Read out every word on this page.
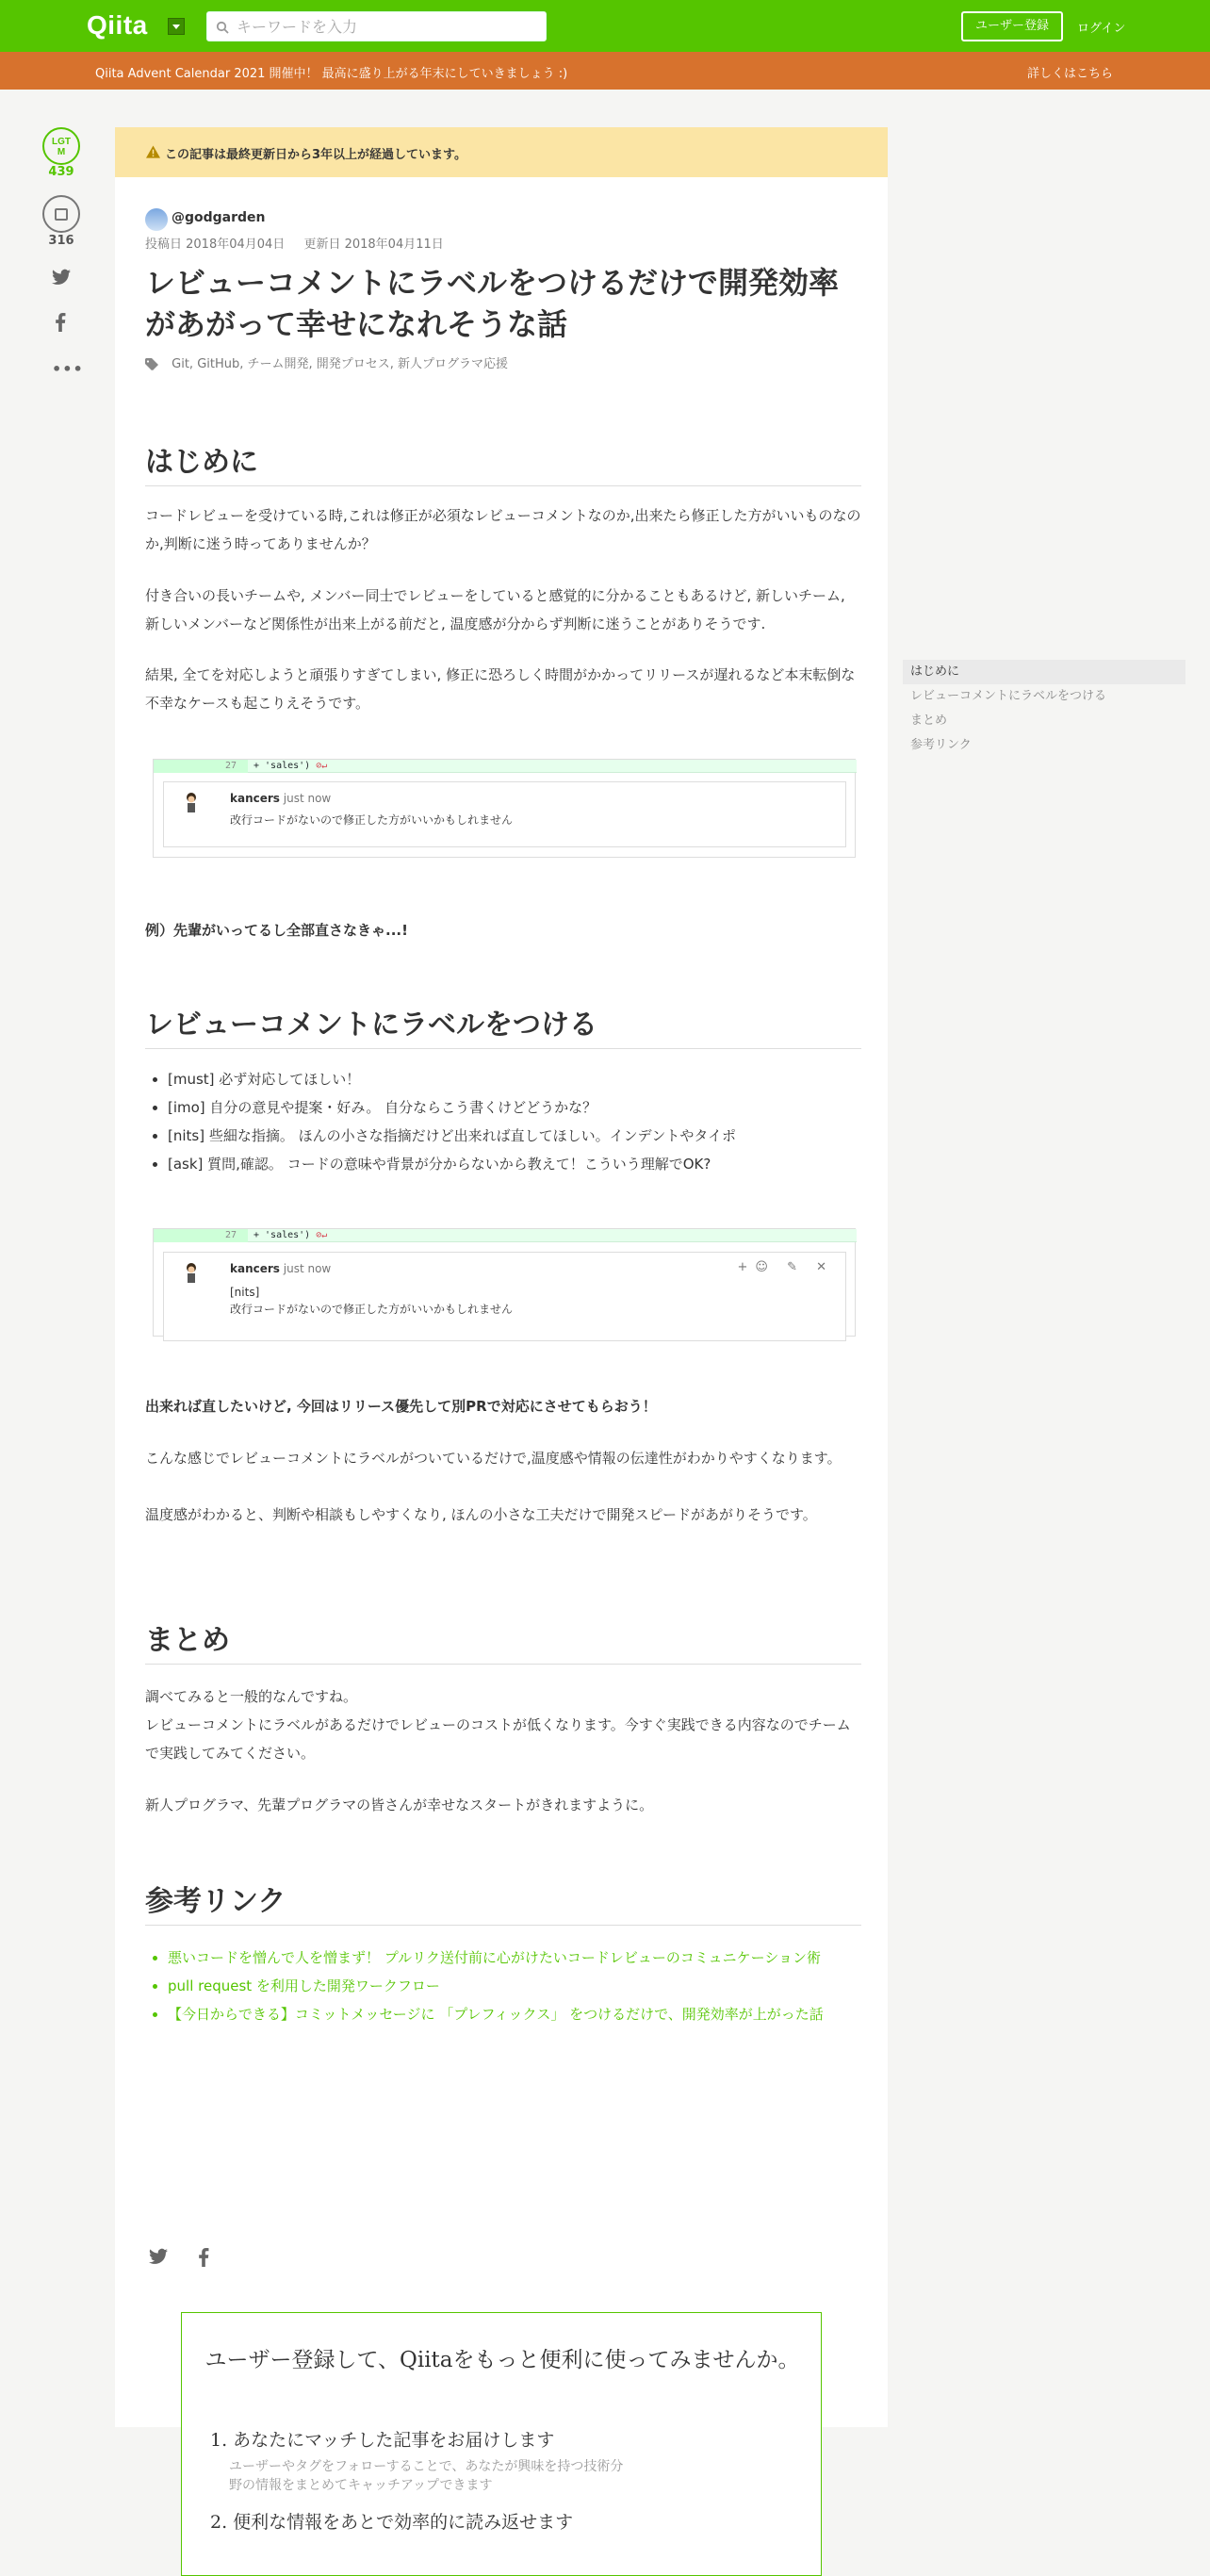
Qiita
キーワードを入力	ユーザー登録	ログイン
Qiita Advent Calendar 2021 開催中！ 最高に盛り上がる年末にしていきましょう :)	詳しくはこちら
LGTM
439
316
•••
この記事は最終更新日から3年以上が経過しています。
@godgarden
投稿日 2018年04月04日 更新日 2018年04月11日
レビューコメントにラベルをつけるだけで開発効率があがって幸せになれそうな話
Git, GitHub, チーム開発, 開発プロセス, 新人プログラマ応援
はじめに
コードレビューを受けている時,これは修正が必須なレビューコメントなのか,出来たら修正した方がいいものなのか,判断に迷う時ってありませんか？
付き合いの長いチームや, メンバー同士でレビューをしていると感覚的に分かることもあるけど, 新しいチーム, 新しいメンバーなど関係性が出来上がる前だと, 温度感が分からず判断に迷うことがありそうです.
結果, 全てを対応しようと頑張りすぎてしまい, 修正に恐ろしく時間がかかってリリースが遅れるなど本末転倒な不幸なケースも起こりえそうです。
27	+ 'sales') ⊘↵
kancers just now
改行コードがないので修正した方がいいかもしれません
例）先輩がいってるし全部直さなきゃ...!
レビューコメントにラベルをつける
• [must] 必ず対応してほしい！
• [imo] 自分の意見や提案・好み。 自分ならこう書くけどどうかな？
• [nits] 些細な指摘。 ほんの小さな指摘だけど出来れば直してほしい。インデントやタイポ
• [ask] 質問,確認。 コードの意味や背景が分からないから教えて！こういう理解でOK?
27	+ 'sales') ⊘↵
kancers just now	+☺ ✎ ✕
[nits]
改行コードがないので修正した方がいいかもしれません
出来れば直したいけど, 今回はリリース優先して別PRで対応にさせてもらおう！
こんな感じでレビューコメントにラベルがついているだけで,温度感や情報の伝達性がわかりやすくなります。
温度感がわかると、判断や相談もしやすくなり, ほんの小さな工夫だけで開発スピードがあがりそうです。
まとめ
調べてみると一般的なんですね。
レビューコメントにラベルがあるだけでレビューのコストが低くなります。今すぐ実践できる内容なのでチームで実践してみてください。
新人プログラマ、先輩プログラマの皆さんが幸せなスタートがきれますように。
参考リンク
• 悪いコードを憎んで人を憎まず！ プルリク送付前に心がけたいコードレビューのコミュニケーション術
• pull request を利用した開発ワークフロー
• 【今日からできる】コミットメッセージに 「プレフィックス」 をつけるだけで、開発効率が上がった話
ユーザー登録して、Qiitaをもっと便利に使ってみませんか。
1. あなたにマッチした記事をお届けします
ユーザーやタグをフォローすることで、あなたが興味を持つ技術分野の情報をまとめてキャッチアップできます
2. 便利な情報をあとで効率的に読み返せます
はじめに
レビューコメントにラベルをつける
まとめ
参考リンク
